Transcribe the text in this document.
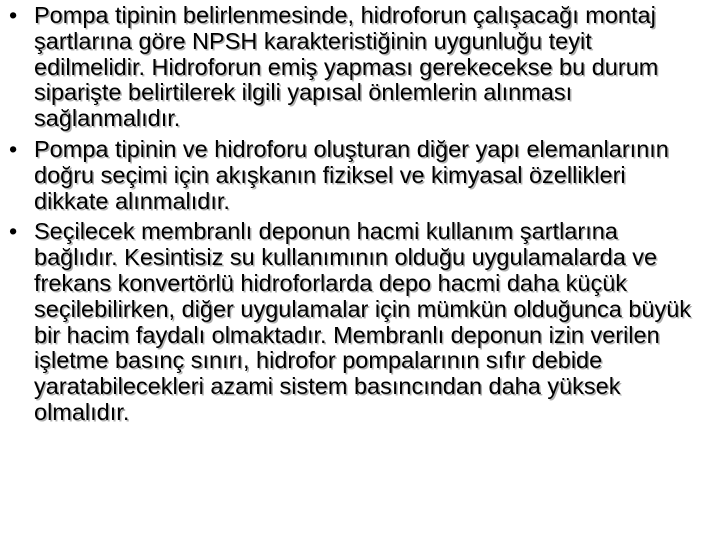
• Pompa tipinin belirlenmesinde, hidroforun çalışacağı montaj şartlarına göre NPSH karakteristiğinin uygunluğu teyit edilmelidir. Hidroforun emiş yapması gerekecekse bu durum siparişte belirtilerek ilgili yapısal önlemlerin alınması sağlanmalıdır.
• Pompa tipinin ve hidroforu oluşturan diğer yapı elemanlarının doğru seçimi için akışkanın fiziksel ve kimyasal özellikleri dikkate alınmalıdır.
• Seçilecek membranlı deponun hacmi kullanım şartlarına bağlıdır. Kesintisiz su kullanımının olduğu uygulamalarda ve frekans konvertörlü hidroforlarda depo hacmi daha küçük seçilebilirken, diğer uygulamalar için mümkün olduğunca büyük bir hacim faydalı olmaktadır. Membranlı deponun izin verilen işletme basınç sınırı, hidrofor pompalarının sıfır debide yaratabilecekleri azami sistem basıncından daha yüksek olmalıdır.
